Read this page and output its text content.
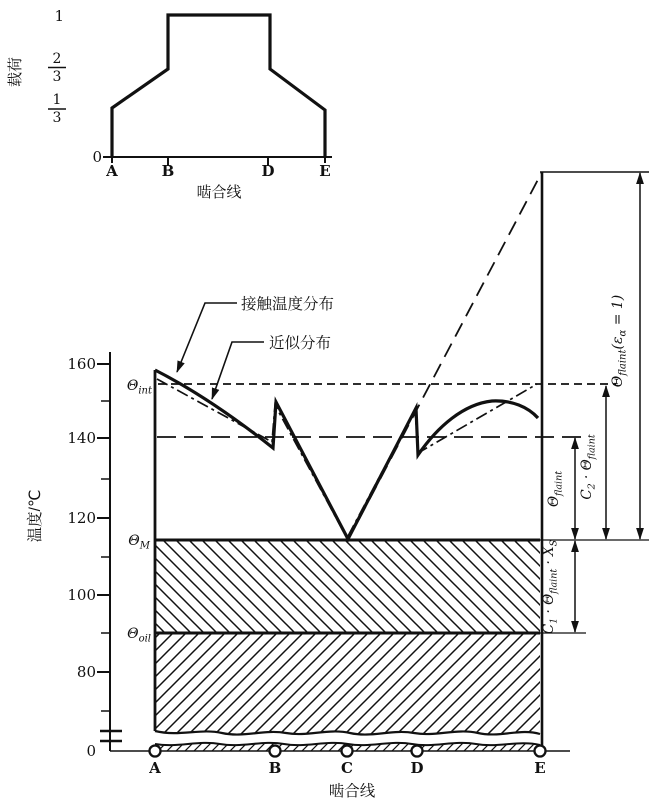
载荷
1
2
3
1
3
0
A	B	D	E
啮合线
160
140
120
100
80
0
温度/℃
$\Theta_{int}$
$\Theta_M$
$\Theta_{oil}$
接触温度分布
近似分布
$\Theta_{flaint}$ $C_2 \cdot \Theta_{flaint}$
$\Theta_{flaint}(\varepsilon_\alpha = 1)$
$C_1 \cdot \Theta_{flaint} \cdot X_S$
A	B	C	D	E
啮合线
